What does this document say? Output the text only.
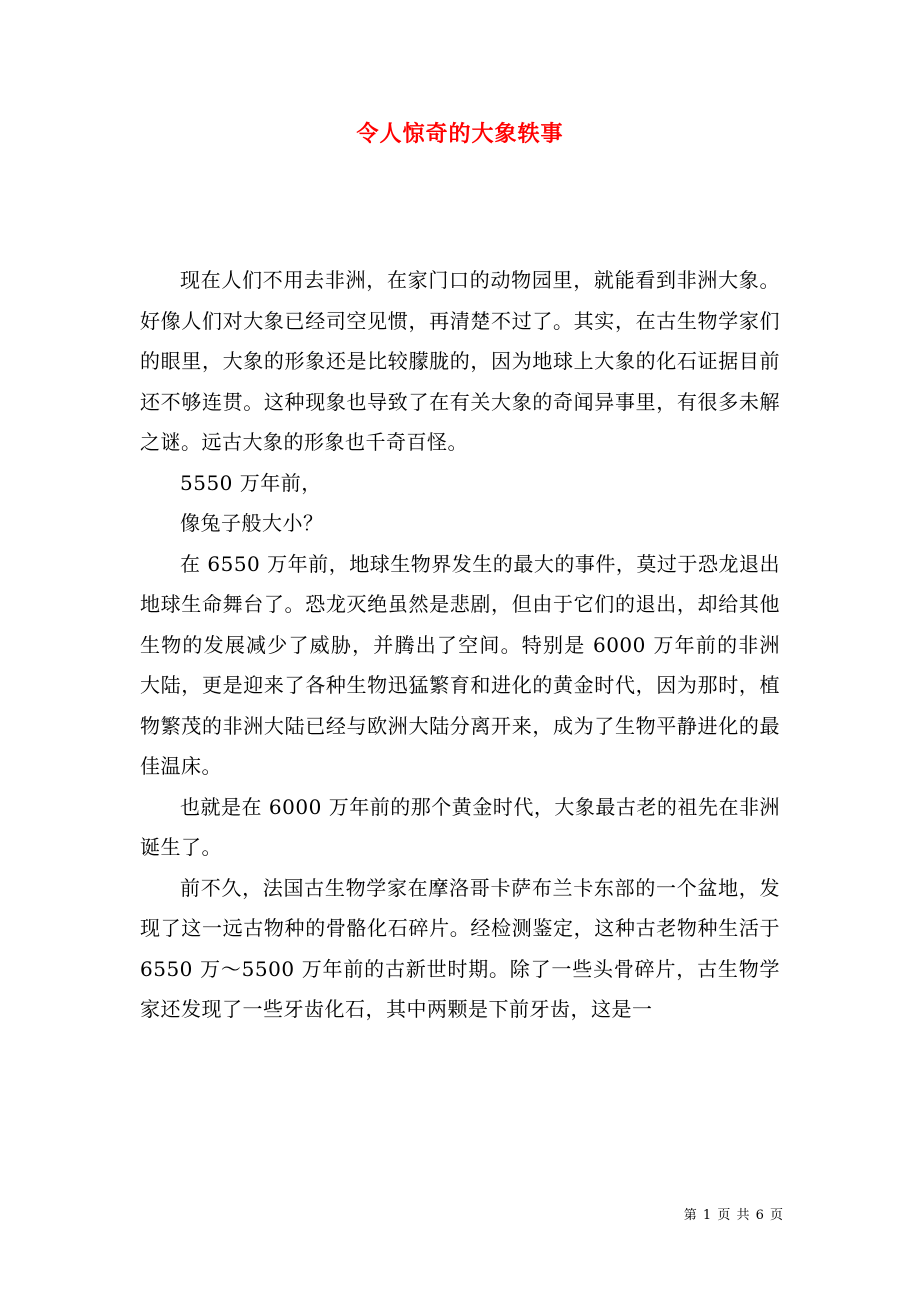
令人惊奇的大象轶事

现在人们不用去非洲，在家门口的动物园里，就能看到非洲大象。好像人们对大象已经司空见惯，再清楚不过了。其实，在古生物学家们的眼里，大象的形象还是比较朦胧的，因为地球上大象的化石证据目前还不够连贯。这种现象也导致了在有关大象的奇闻异事里，有很多未解之谜。远古大象的形象也千奇百怪。

5550 万年前，

像兔子般大小？

在 6550 万年前，地球生物界发生的最大的事件，莫过于恐龙退出地球生命舞台了。恐龙灭绝虽然是悲剧，但由于它们的退出，却给其他生物的发展减少了威胁，并腾出了空间。特别是 6000 万年前的非洲大陆，更是迎来了各种生物迅猛繁育和进化的黄金时代，因为那时，植物繁茂的非洲大陆已经与欧洲大陆分离开来，成为了生物平静进化的最佳温床。

也就是在 6000 万年前的那个黄金时代，大象最古老的祖先在非洲诞生了。

前不久，法国古生物学家在摩洛哥卡萨布兰卡东部的一个盆地，发现了这一远古物种的骨骼化石碎片。经检测鉴定，这种古老物种生活于 6550 万～5500 万年前的古新世时期。除了一些头骨碎片，古生物学家还发现了一些牙齿化石，其中两颗是下前牙齿，这是一

第 1 页 共 6 页
